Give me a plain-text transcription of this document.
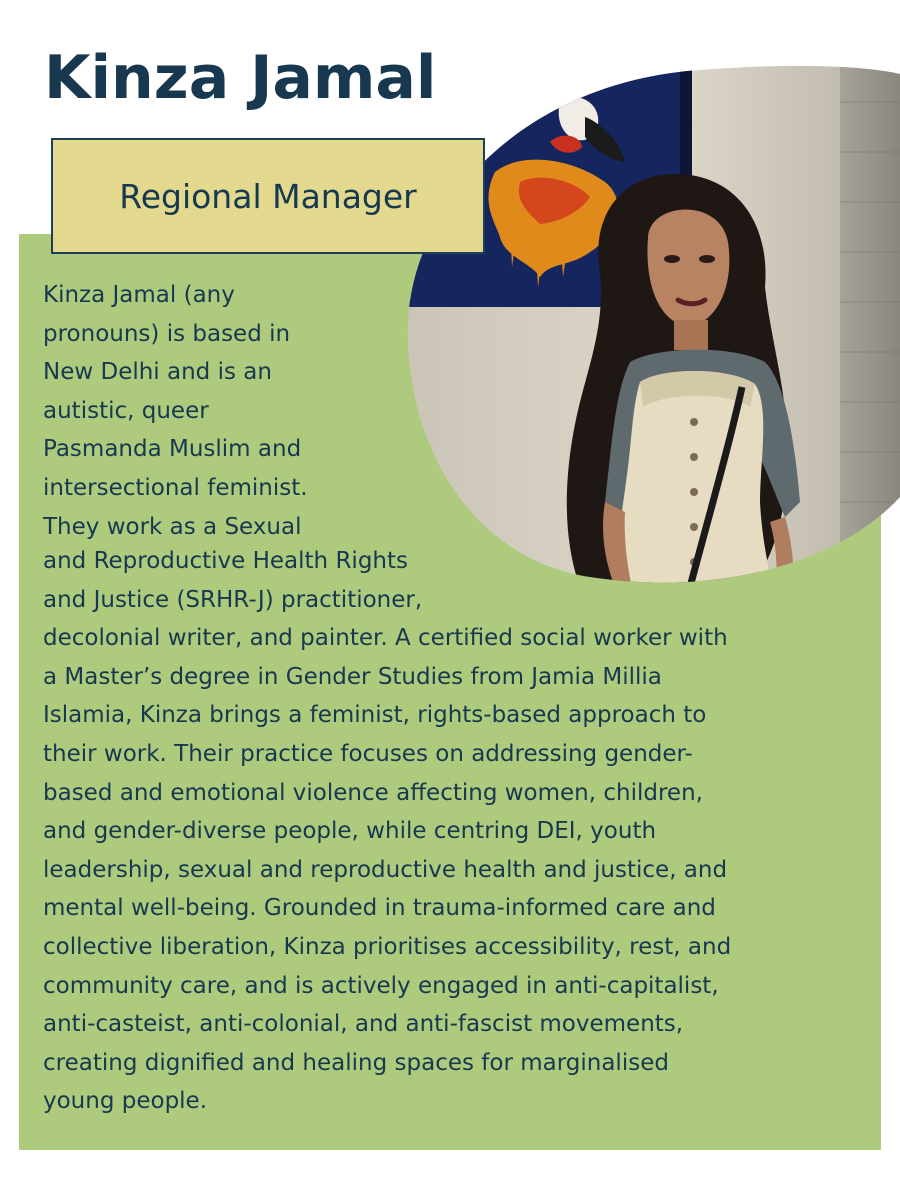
Kinza Jamal
Regional Manager
Kinza Jamal (any
pronouns) is based in
New Delhi and is an
autistic, queer
Pasmanda Muslim and
intersectional feminist.
They work as a Sexual
and Reproductive Health Rights
and Justice (SRHR-J) practitioner,
decolonial writer, and painter. A certified social worker with
a Master’s degree in Gender Studies from Jamia Millia
Islamia, Kinza brings a feminist, rights-based approach to
their work. Their practice focuses on addressing gender-
based and emotional violence affecting women, children,
and gender-diverse people, while centring DEI, youth
leadership, sexual and reproductive health and justice, and
mental well-being. Grounded in trauma-informed care and
collective liberation, Kinza prioritises accessibility, rest, and
community care, and is actively engaged in anti-capitalist,
anti-casteist, anti-colonial, and anti-fascist movements,
creating dignified and healing spaces for marginalised
young people.
